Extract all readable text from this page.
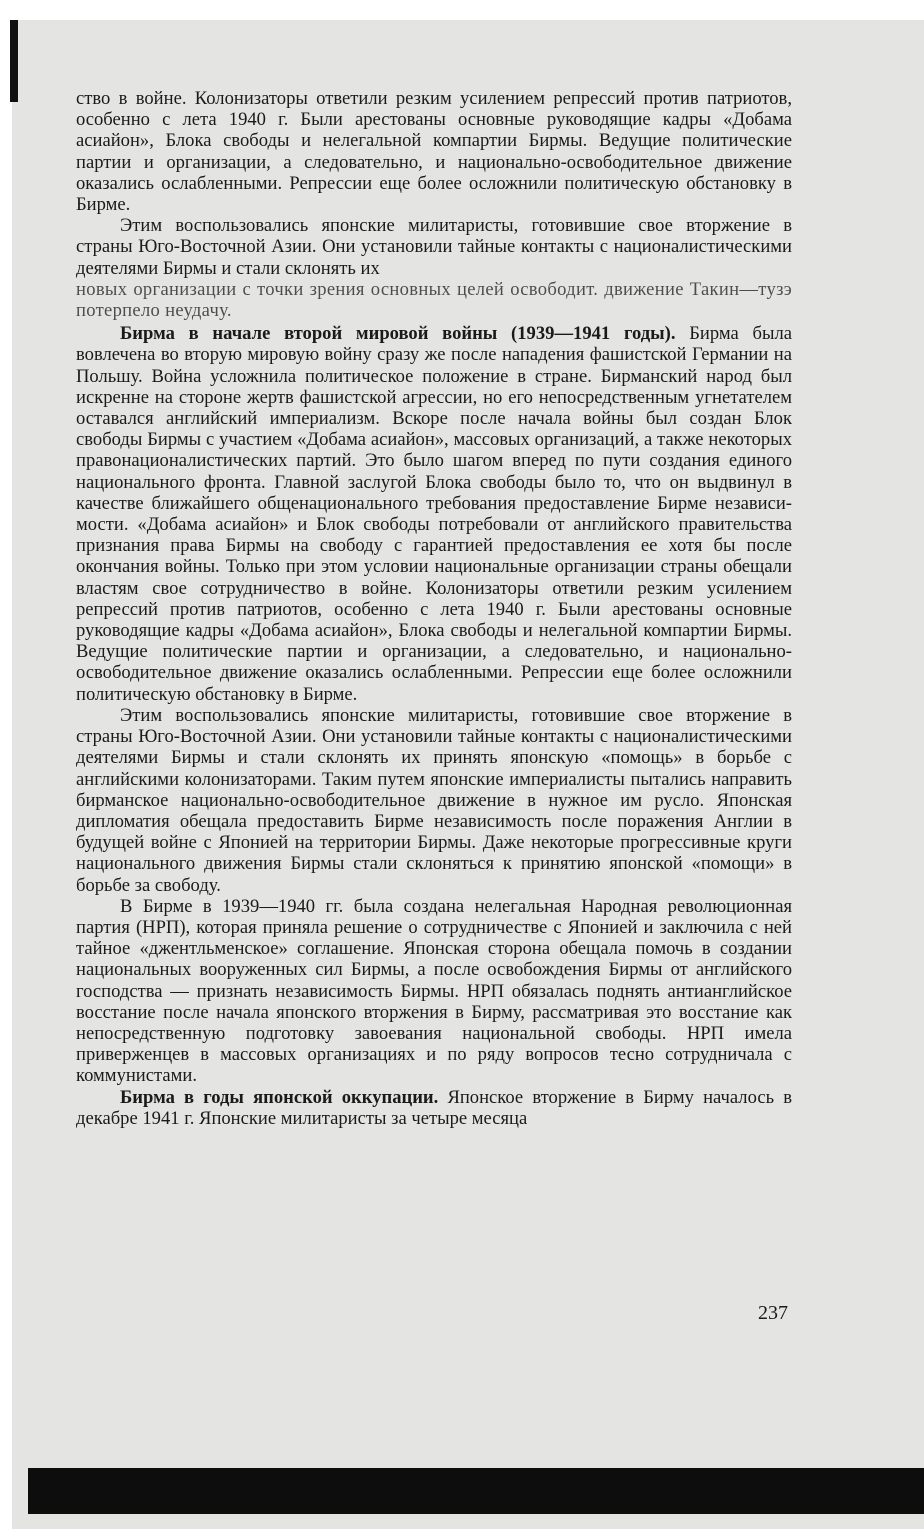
ство в войне. Колонизаторы ответили резким усилением репрессий против патриотов, особенно с лета 1940 г. Были арестованы основные руководящие кадры «Добама асиайон», Блока свободы и нелегальной компартии Бирмы. Ведущие политические партии и организации, а следовательно, и национально-освободительное движение оказались ослабленными. Репрессии еще более осложнили политическую обстановку в Бирме.

Этим воспользовались японские милитаристы, готовившие свое вторжение в страны Юго-Восточной Азии. Они установили тайные контакты с националистическими деятелями Бирмы и стали склонять их

новых организации с точки зрения основных целей освободит. движение Такин—тузэ потерпело неудачу.

Бирма в начале второй мировой войны (1939—1941 годы). Бирма была вовлечена во вторую мировую войну сразу же после нападения фашистской Германии на Польшу. Война усложнила политическое положение в стране. Бирманский народ был искренне на стороне жертв фашистской агрессии, но его непосредственным угнетателем оставался английский империализм. Вскоре после начала войны был создан Блок свободы Бирмы с участием «Добама асиайон», массовых организаций, а также некоторых правонационалистических партий. Это было шагом вперед по пути создания единого национального фронта. Главной заслугой Блока свободы было то, что он выдвинул в качестве ближайшего общенационального требования предоставление Бирме независимости. «Добама асиайон» и Блок свободы потребовали от английского правительства признания права Бирмы на свободу с гарантией предоставления ее хотя бы после окончания войны. Только при этом условии национальные организации страны обещали властям свое сотрудничество в войне. Колонизаторы ответили резким усилением репрессий против патриотов, особенно с лета 1940 г. Были арестованы основные руководящие кадры «Добама асиайон», Блока свободы и нелегальной компартии Бирмы. Ведущие политические партии и организации, а следовательно, и национально-освободительное движение оказались ослабленными. Репрессии еще более осложнили политическую обстановку в Бирме.

Этим воспользовались японские милитаристы, готовившие свое вторжение в страны Юго-Восточной Азии. Они установили тайные контакты с националистическими деятелями Бирмы и стали склонять их принять японскую «помощь» в борьбе с английскими колонизаторами. Таким путем японские империалисты пытались направить бирманское национально-освободительное движение в нужное им русло. Японская дипломатия обещала предоставить Бирме независимость после поражения Англии в будущей войне с Японией на территории Бирмы. Даже некоторые прогрессивные круги национального движения Бирмы стали склоняться к принятию японской «помощи» в борьбе за свободу.

В Бирме в 1939—1940 гг. была создана нелегальная Народная революционная партия (НРП), которая приняла решение о сотрудничестве с Японией и заключила с ней тайное «джентльменское» соглашение. Японская сторона обещала помочь в создании национальных вооруженных сил Бирмы, а после освобождения Бирмы от английского господства — признать независимость Бирмы. НРП обязалась поднять антианглийское восстание после начала японского вторжения в Бирму, рассматривая это восстание как непосредственную подготовку завоевания национальной свободы. НРП имела приверженцев в массовых организациях и по ряду вопросов тесно сотрудничала с коммунистами.

Бирма в годы японской оккупации. Японское вторжение в Бирму началось в декабре 1941 г. Японские милитаристы за четыре месяца

237
